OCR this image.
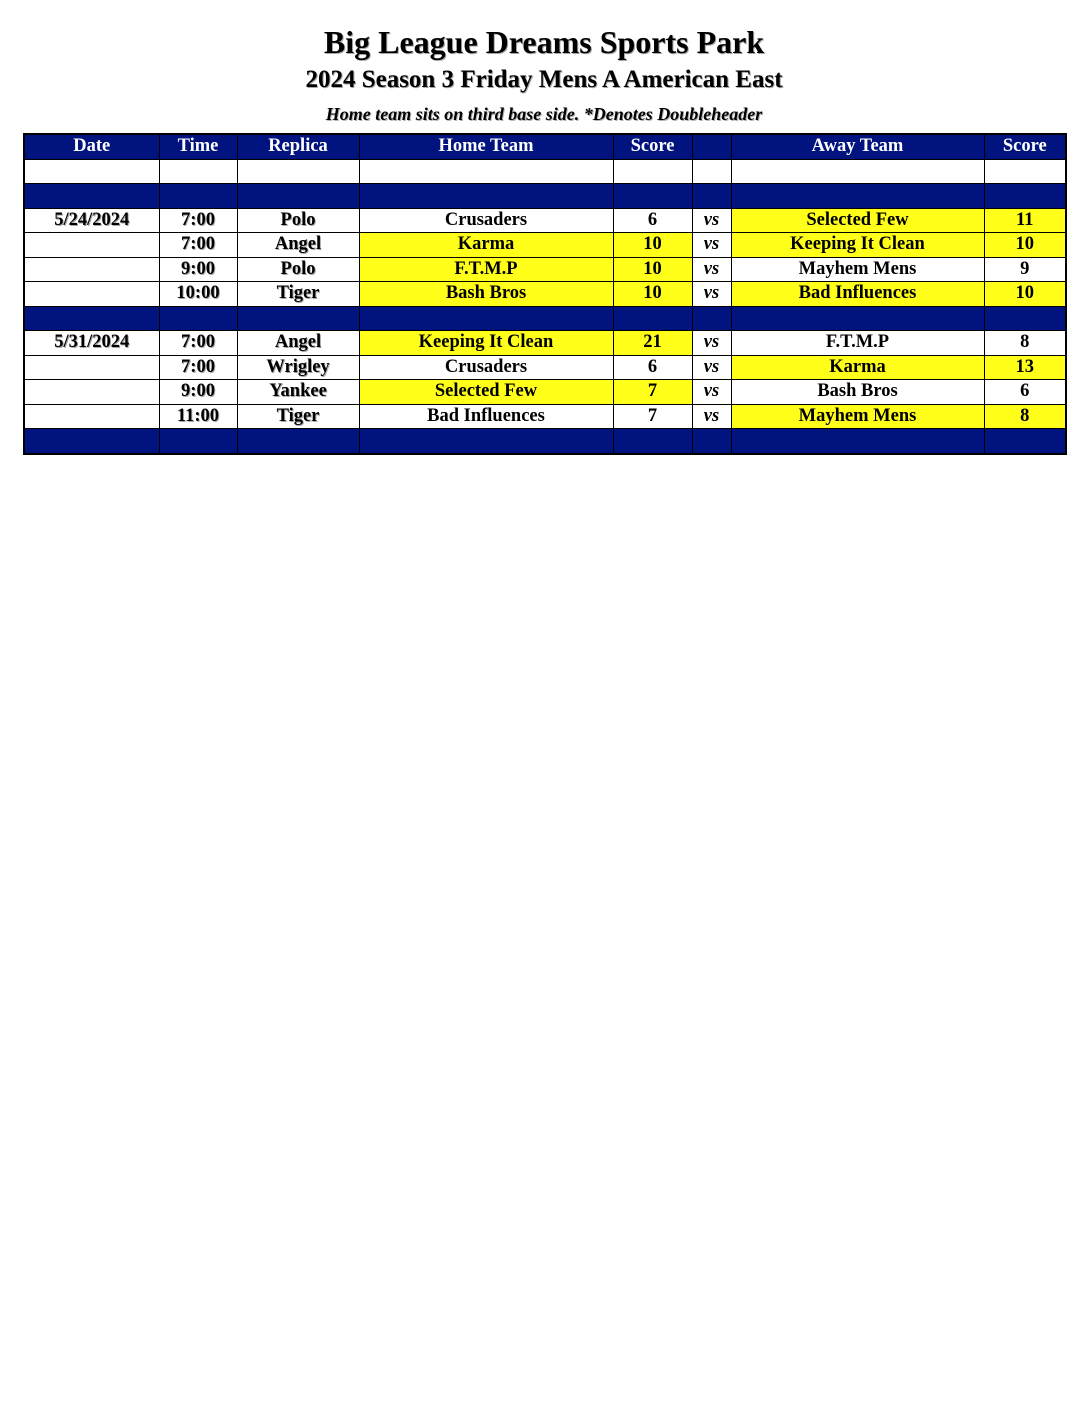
Big League Dreams Sports Park
2024 Season 3 Friday Mens A American East
Home team sits on third base side. *Denotes Doubleheader
Date	Time	Replica	Home Team	Score		Away Team	Score

5/24/2024	7:00	Polo	Crusaders	6	vs	Selected Few	11
	7:00	Angel	Karma	10	vs	Keeping It Clean	10
	9:00	Polo	F.T.M.P	10	vs	Mayhem Mens	9
	10:00	Tiger	Bash Bros	10	vs	Bad Influences	10

5/31/2024	7:00	Angel	Keeping It Clean	21	vs	F.T.M.P	8
	7:00	Wrigley	Crusaders	6	vs	Karma	13
	9:00	Yankee	Selected Few	7	vs	Bash Bros	6
	11:00	Tiger	Bad Influences	7	vs	Mayhem Mens	8
